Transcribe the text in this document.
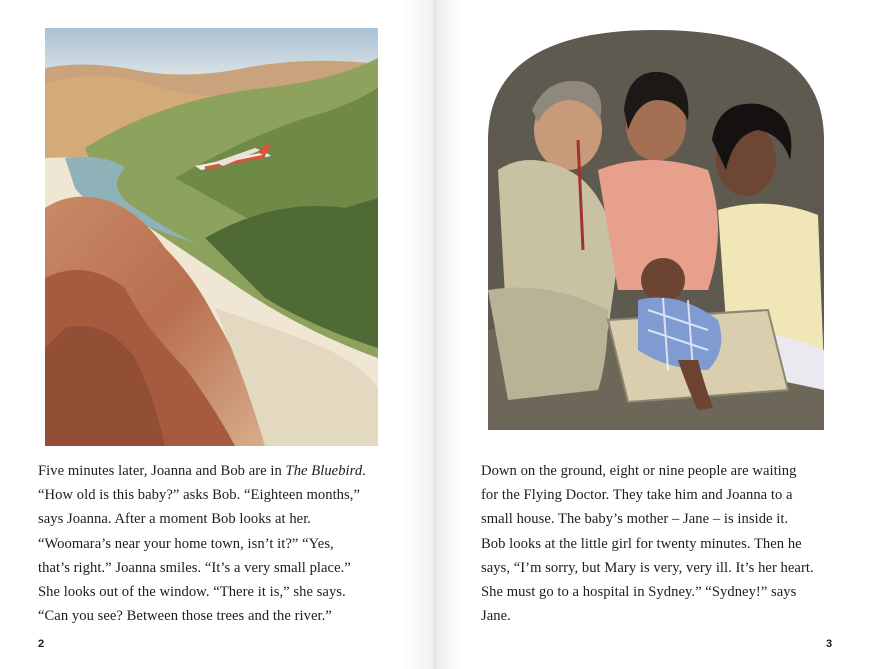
Five minutes later, Joanna and Bob are in The Bluebird.
“How old is this baby?” asks Bob. “Eighteen months,”
says Joanna. After a moment Bob looks at her.
“Woomara’s near your home town, isn’t it?” “Yes,
that’s right.” Joanna smiles. “It’s a very small place.”
She looks out of the window. “There it is,” she says.
“Can you see? Between those trees and the river.”
Down on the ground, eight or nine people are waiting
for the Flying Doctor. They take him and Joanna to a
small house. The baby’s mother – Jane – is inside it.
Bob looks at the little girl for twenty minutes. Then he
says, “I’m sorry, but Mary is very, very ill. It’s her heart.
She must go to a hospital in Sydney.” “Sydney!” says
Jane.
2	3
